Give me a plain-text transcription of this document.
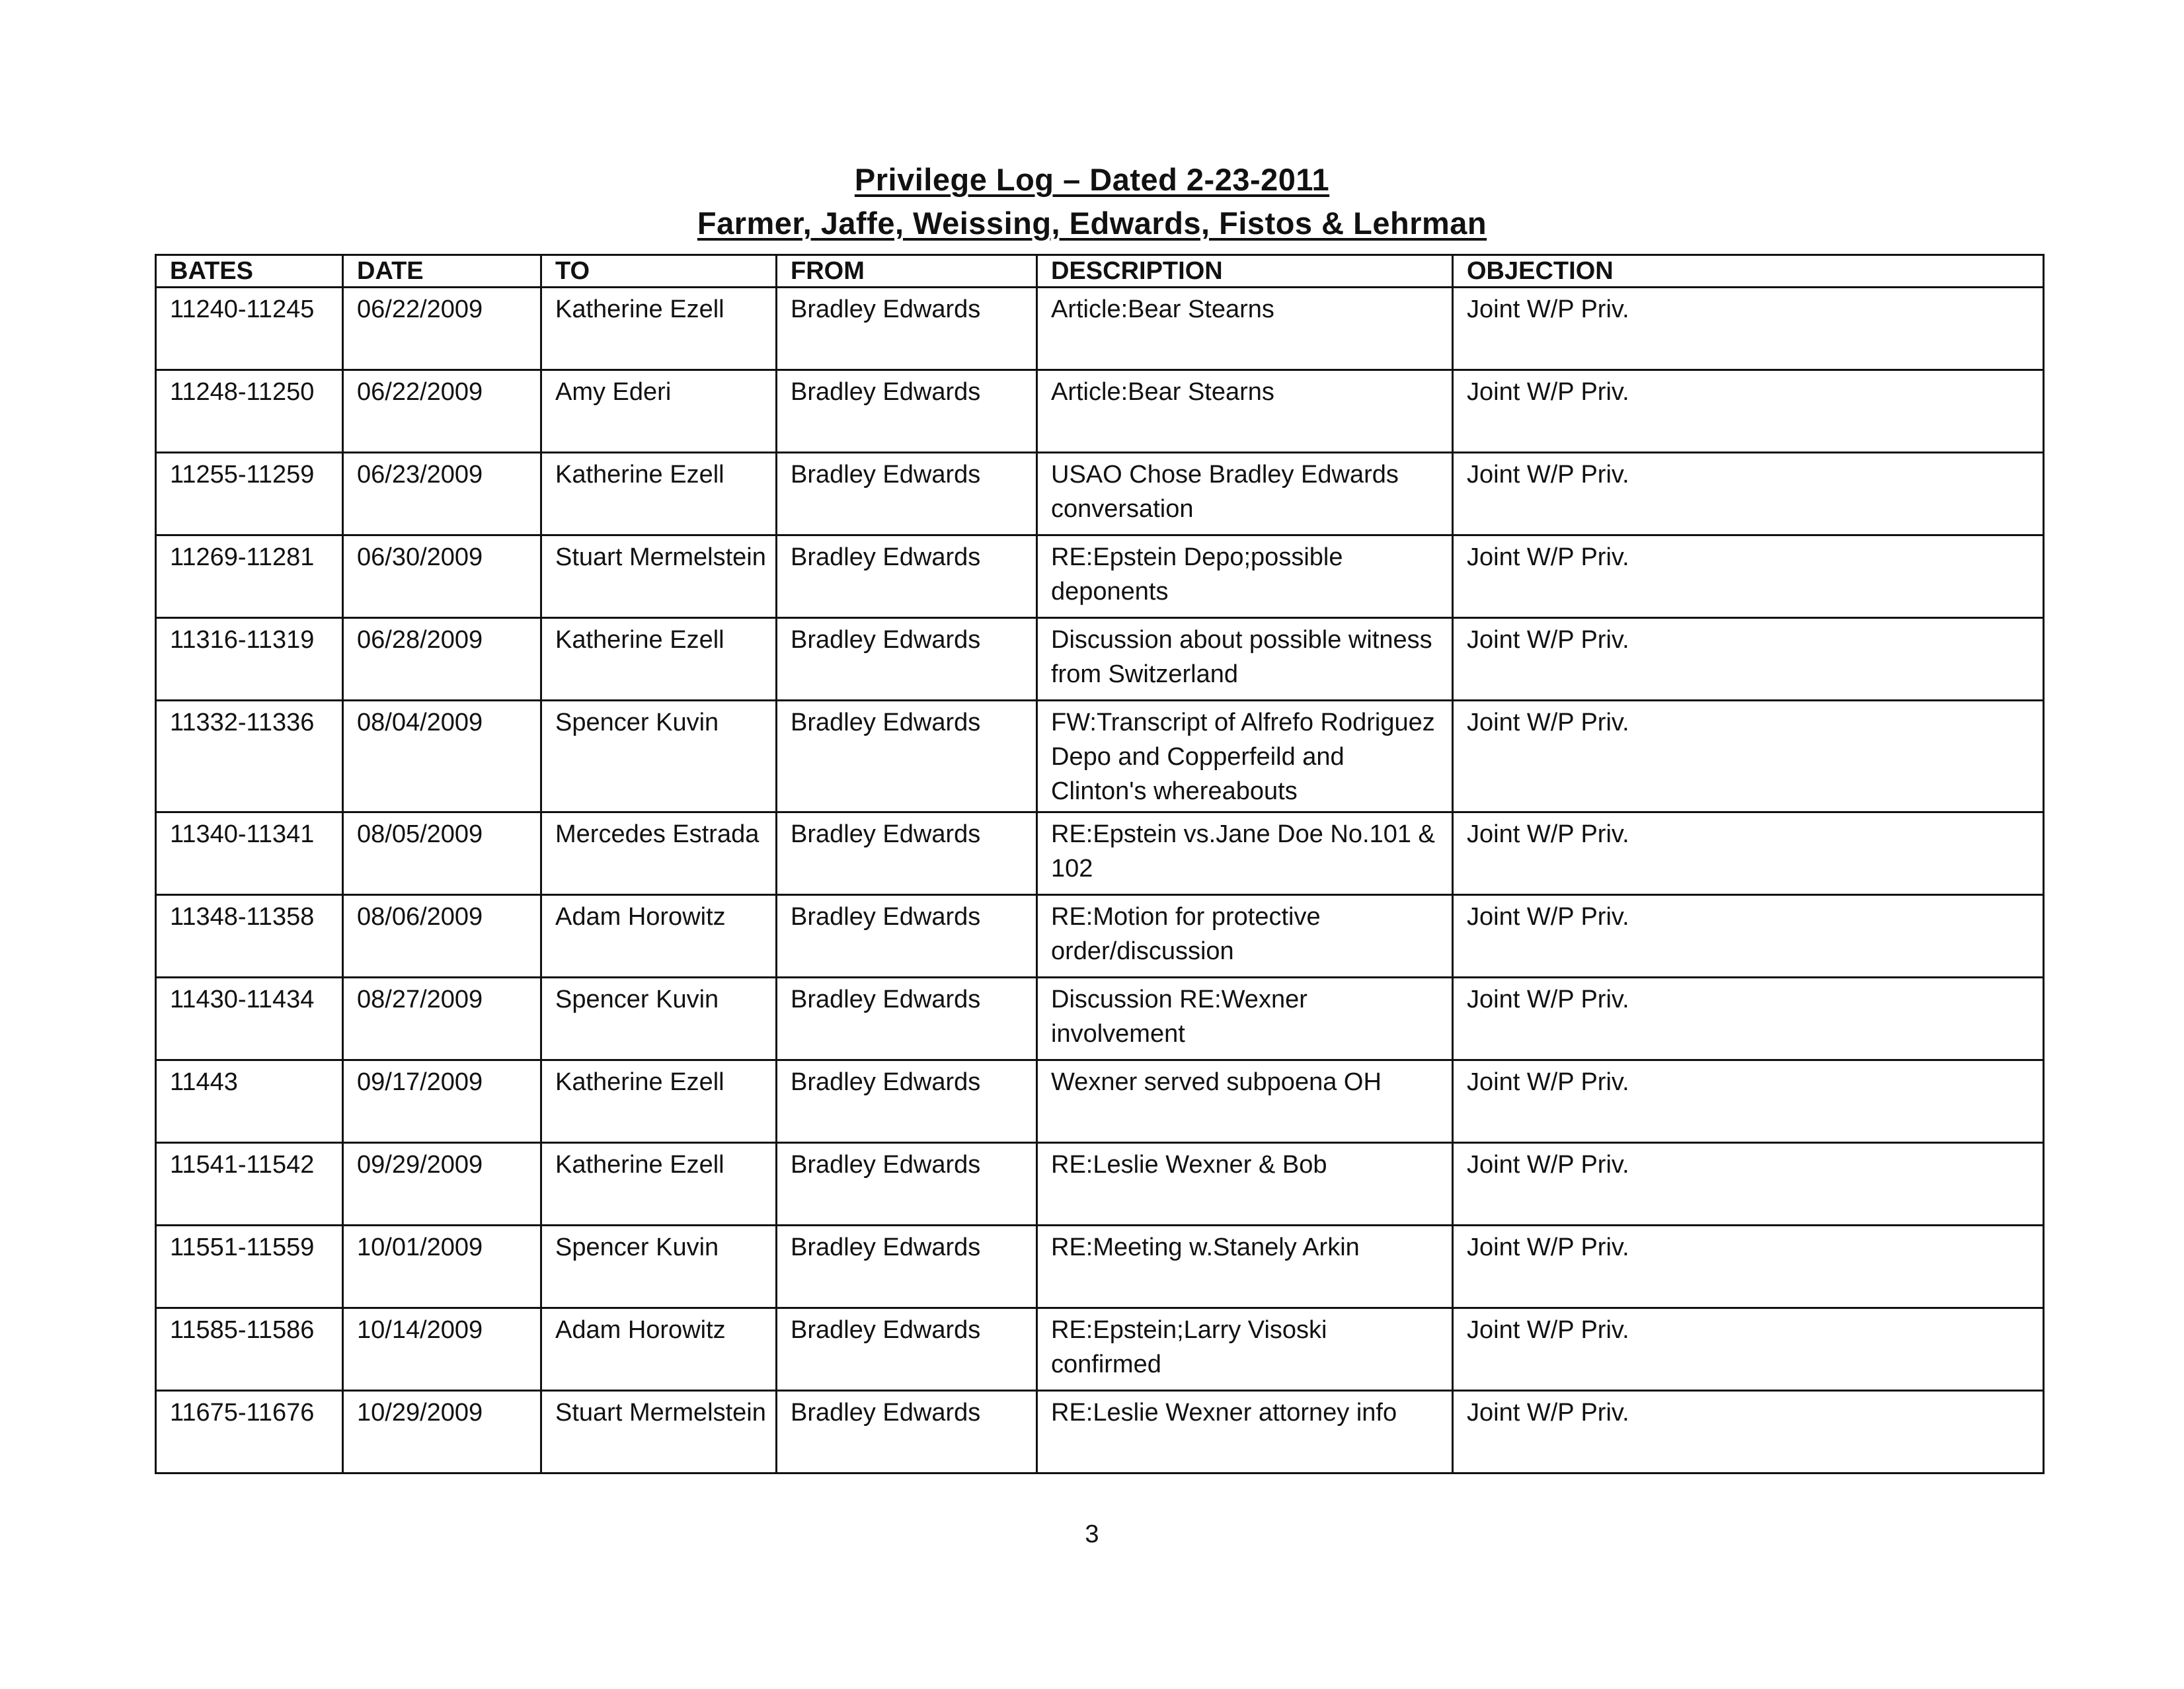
Privilege Log – Dated 2-23-2011
Farmer, Jaffe, Weissing, Edwards, Fistos & Lehrman
BATES	DATE	TO	FROM	DESCRIPTION	OBJECTION
11240-11245	06/22/2009	Katherine Ezell	Bradley Edwards	Article:Bear Stearns	Joint W/P Priv.
11248-11250	06/22/2009	Amy Ederi	Bradley Edwards	Article:Bear Stearns	Joint W/P Priv.
11255-11259	06/23/2009	Katherine Ezell	Bradley Edwards	USAO Chose Bradley Edwards conversation	Joint W/P Priv.
11269-11281	06/30/2009	Stuart Mermelstein	Bradley Edwards	RE:Epstein Depo;possible deponents	Joint W/P Priv.
11316-11319	06/28/2009	Katherine Ezell	Bradley Edwards	Discussion about possible witness from Switzerland	Joint W/P Priv.
11332-11336	08/04/2009	Spencer Kuvin	Bradley Edwards	FW:Transcript of Alfrefo Rodriguez Depo and Copperfeild and Clinton's whereabouts	Joint W/P Priv.
11340-11341	08/05/2009	Mercedes Estrada	Bradley Edwards	RE:Epstein vs.Jane Doe No.101 & 102	Joint W/P Priv.
11348-11358	08/06/2009	Adam Horowitz	Bradley Edwards	RE:Motion for protective order/discussion	Joint W/P Priv.
11430-11434	08/27/2009	Spencer Kuvin	Bradley Edwards	Discussion RE:Wexner involvement	Joint W/P Priv.
11443	09/17/2009	Katherine Ezell	Bradley Edwards	Wexner served subpoena OH	Joint W/P Priv.
11541-11542	09/29/2009	Katherine Ezell	Bradley Edwards	RE:Leslie Wexner & Bob	Joint W/P Priv.
11551-11559	10/01/2009	Spencer Kuvin	Bradley Edwards	RE:Meeting w.Stanely Arkin	Joint W/P Priv.
11585-11586	10/14/2009	Adam Horowitz	Bradley Edwards	RE:Epstein;Larry Visoski confirmed	Joint W/P Priv.
11675-11676	10/29/2009	Stuart Mermelstein	Bradley Edwards	RE:Leslie Wexner attorney info	Joint W/P Priv.
3
